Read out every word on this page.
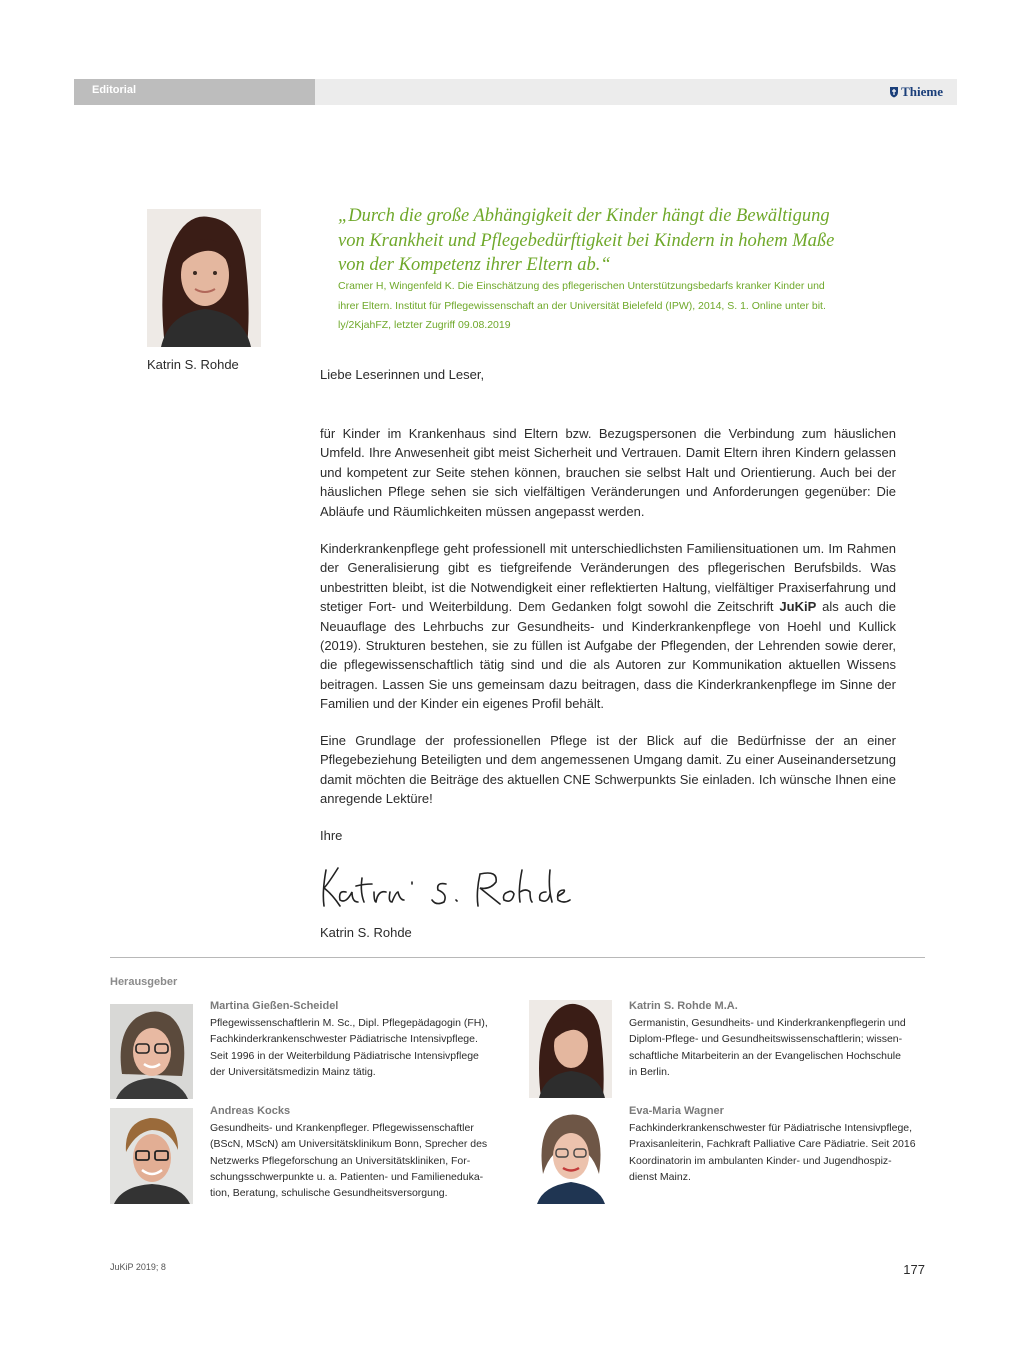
Editorial	Thieme
Katrin S. Rohde
„Durch die große Abhängigkeit der Kinder hängt die Bewältigung
von Krankheit und Pflegebedürftigkeit bei Kindern in hohem Maße
von der Kompetenz ihrer Eltern ab.“
Cramer H, Wingenfeld K. Die Einschätzung des pflegerischen Unterstützungsbedarfs kranker Kinder und
ihrer Eltern. Institut für Pflegewissenschaft an der Universität Bielefeld (IPW), 2014, S. 1. Online unter bit.
ly/2KjahFZ, letzter Zugriff 09.08.2019
Liebe Leserinnen und Leser,
für Kinder im Krankenhaus sind Eltern bzw. Bezugspersonen die Verbindung zum häuslichen Umfeld. Ihre Anwesenheit gibt meist Sicherheit und Vertrauen. Damit Eltern ihren Kindern gelassen und kompetent zur Seite stehen können, brauchen sie selbst Halt und Orientierung. Auch bei der häuslichen Pflege sehen sie sich vielfältigen Veränderungen und Anforderungen gegenüber: Die Abläufe und Räumlichkeiten müssen angepasst werden.
Kinderkrankenpflege geht professionell mit unterschiedlichsten Familiensituationen um. Im Rahmen der Generalisierung gibt es tiefgreifende Veränderungen des pflegerischen Berufsbilds. Was unbestritten bleibt, ist die Notwendigkeit einer reflektierten Haltung, vielfältiger Praxiserfahrung und stetiger Fort- und Weiterbildung. Dem Gedanken folgt sowohl die Zeitschrift JuKiP als auch die Neuauflage des Lehrbuchs zur Gesundheits- und Kinderkrankenpflege von Hoehl und Kullick (2019). Strukturen bestehen, sie zu füllen ist Aufgabe der Pflegenden, der Lehrenden sowie derer, die pflegewissenschaftlich tätig sind und die als Autoren zur Kommunikation aktuellen Wissens beitragen. Lassen Sie uns gemeinsam dazu beitragen, dass die Kinderkrankenpflege im Sinne der Familien und der Kinder ein eigenes Profil behält.
Eine Grundlage der professionellen Pflege ist der Blick auf die Bedürfnisse der an einer Pflegebeziehung Beteiligten und dem angemessenen Umgang damit. Zu einer Auseinandersetzung damit möchten die Beiträge des aktuellen CNE Schwerpunkts Sie einladen. Ich wünsche Ihnen eine anregende Lektüre!
Ihre
Katrin S. Rohde
Herausgeber
Martina Gießen-Scheidel
Pflegewissenschaftlerin M. Sc., Dipl. Pflegepädagogin (FH),
Fachkinderkrankenschwester Pädiatrische Intensivpflege.
Seit 1996 in der Weiterbildung Pädiatrische Intensivpflege
der Universitätsmedizin Mainz tätig.
Katrin S. Rohde M.A.
Germanistin, Gesundheits- und Kinderkrankenpflegerin und
Diplom-Pflege- und Gesundheitswissenschaftlerin; wissen-
schaftliche Mitarbeiterin an der Evangelischen Hochschule
in Berlin.
Andreas Kocks
Gesundheits- und Krankenpfleger. Pflegewissenschaftler
(BScN, MScN) am Universitätsklinikum Bonn, Sprecher des
Netzwerks Pflegeforschung an Universitätskliniken, For-
schungsschwerpunkte u. a. Patienten- und Familieneduka-
tion, Beratung, schulische Gesundheitsversorgung.
Eva-Maria Wagner
Fachkinderkrankenschwester für Pädiatrische Intensivpflege,
Praxisanleiterin, Fachkraft Palliative Care Pädiatrie. Seit 2016
Koordinatorin im ambulanten Kinder- und Jugendhospiz-
dienst Mainz.
JuKiP 2019; 8	177
